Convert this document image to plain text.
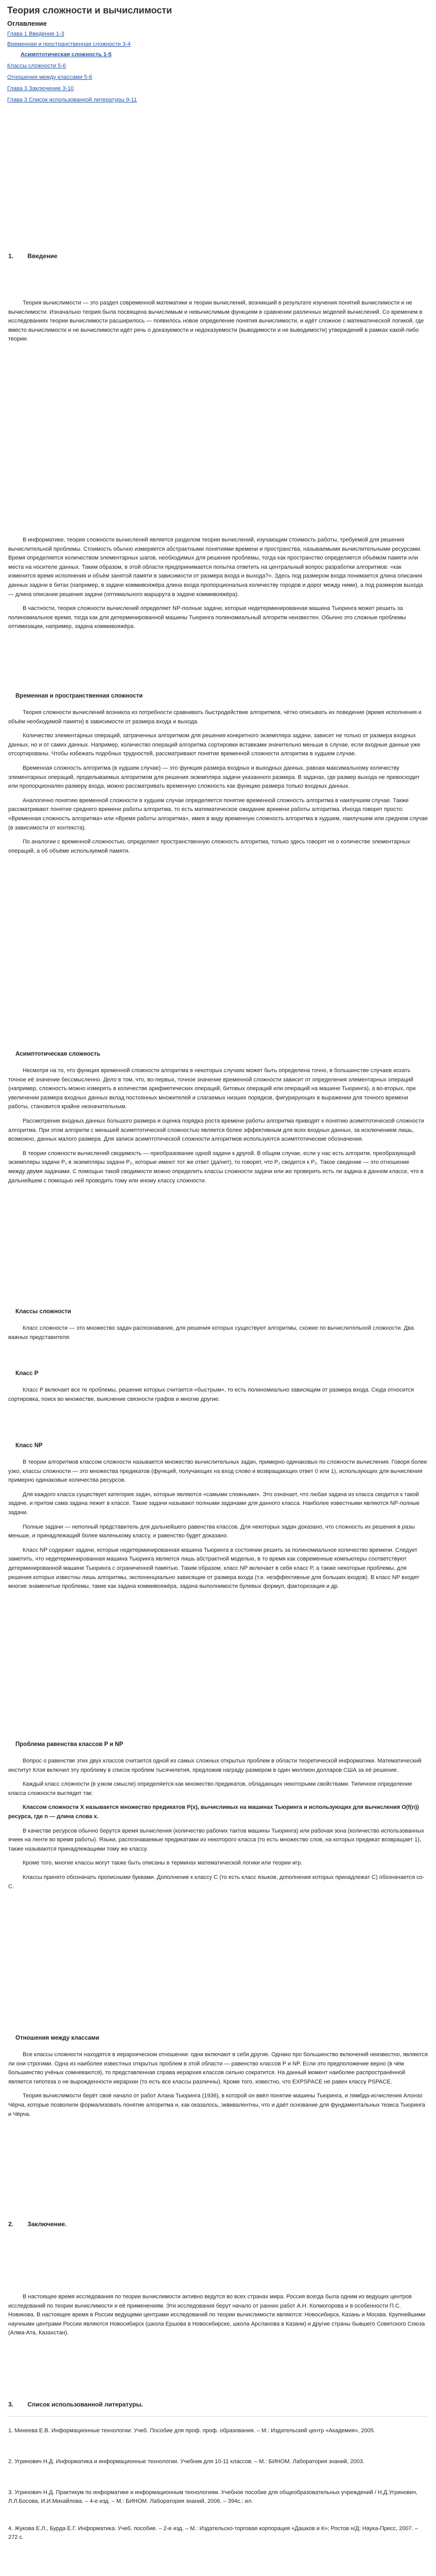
Теория сложности и вычислимости
Оглавление
Глава 1 Введение 1-3
Временная и пространственная сложности 3-4
Асимптотическая сложность 1-5
Классы сложности 5-6
Отношения между классами 5-6
Глава 3 Заключение 3-10
Глава 3 Список использованной литературы 9-11
1. Введение

Теория вычислимости — это раздел современной математики и теории вычислений, возникший в результате изучения понятий вычислимости и не вычислимости. Изначально теория была посвящена вычислимым и невычислимым функциям в сравнении различных моделей вычислений. Со временем в исследованиях теории вычислимости расширилось — появилось новое определение понятия вычислимости, и идёт сложное с математической логикой, где вместо вычислимости и не вычислимости идёт речь о доказуемости и недоказуемости (выводимости и не выводимости) утверждений в рамках какой-либо теории.

В информатике, теория сложности вычислений является разделом теории вычислений, изучающим стоимость работы, требуемой для решения вычислительной проблемы. Стоимость обычно измеряется абстрактными понятиями времени и пространства, называемыми вычислительными ресурсами. Время определяется количеством элементарных шагов, необходимых для решения проблемы, тогда как пространство определяется объёмом памяти или места на носителе данных. Таким образом, в этой области предпринимается попытка ответить на центральный вопрос разработки алгоритмов: «как изменится время исполнения и объём занятой памяти в зависимости от размера входа и выхода?». Здесь под размером входа понимается длина описания данных задачи в битах (например, в задаче коммивояжёра длина входа пропорциональна количеству городов и дорог между ними), а под размером выхода — длина описания решения задачи (оптимального маршрута в задаче коммивояжёра).

В частности, теория сложности вычислений определяет NP-полные задачи, которые недетерминированная машина Тьюринга может решить за полиномиальное время, тогда как для детерминированной машины Тьюринга полиномиальный алгоритм неизвестен. Обычно это сложные проблемы оптимизации, например, задача коммивояжёра.

Временная и пространственная сложности

Теория сложности вычислений возникла из потребности сравнивать быстродействие алгоритмов, чётко описывать их поведение (время исполнения и объём необходимой памяти) в зависимости от размера входа и выхода.

Количество элементарных операций, затраченных алгоритмом для решения конкретного экземпляра задачи, зависит не только от размера входных данных, но и от самих данных. Например, количество операций алгоритма сортировки вставками значительно меньше в случае, если входные данные уже отсортированы. Чтобы избежать подобных трудностей, рассматривают понятие временной сложности алгоритма в худшем случае.

Временная сложность алгоритма (в худшем случае) — это функция размера входных и выходных данных, равная максимальному количеству элементарных операций, проделываемых алгоритмом для решения экземпляра задачи указанного размера. В задачах, где размер выхода не превосходит или пропорционален размеру входа, можно рассматривать временную сложность как функцию размера только входных данных.

Аналогично понятию временной сложности в худшем случае определяется понятие временной сложность алгоритма в наилучшем случае. Также рассматривают понятие среднего времени работы алгоритма, то есть математическое ожидание времени работы алгоритма. Иногда говорят просто: «Временная сложность алгоритма» или «Время работы алгоритма», имея в виду временную сложность алгоритма в худшем, наилучшем или среднем случае (в зависимости от контекста).

По аналогии с временной сложностью, определяют пространственную сложность алгоритма, только здесь говорят не о количестве элементарных операций, а об объёме используемой памяти.

Асимптотическая сложность

Несмотря на то, что функция временной сложности алгоритма в некоторых случаях может быть определена точно, в большинстве случаев искать точное её значение бессмысленно. Дело в том, что, во-первых, точное значение временной сложности зависит от определения элементарных операций (например, сложность можно измерять в количестве арифметических операций, битовых операций или операций на машине Тьюринга), а во-вторых, при увеличении размера входных данных вклад постоянных множителей и слагаемых низших порядков, фигурирующих в выражении для точного времени работы, становится крайне незначительным.

Рассмотрение входных данных большого размера и оценка порядка роста времени работы алгоритма приводят к понятию асимптотической сложности алгоритма. При этом алгоритм с меньшей асимптотической сложностью является более эффективным для всех входных данных, за исключением лишь, возможно, данных малого размера. Для записи асимптотической сложности алгоритмов используются асимптотические обозначения.

В теории сложности вычислений сводимость — преобразование одной задачи к другой. В общем случае, если у нас есть алгоритм, преобразующий экземпляры задачи P₁ в экземпляры задачи P₂, которые имеют тот же ответ (да/нет), то говорят, что P₁ сводится к P₂. Такое сведение — это отношение между двумя задачами. С помощью такой сводимости можно определить классы сложности задачи или же проверить есть ли задача в данном классе, что в дальнейшем с помощью ней проводить тому или иному классу сложности.

Классы сложности

Класс сложности — это множество задач распознавания, для решения которых существуют алгоритмы, схожие по вычислительной сложности. Два важных представителя:

Класс P

Класс P включает все те проблемы, решение которых считается «быстрым», то есть полиномиально зависящим от размера входа. Сюда относится сортировка, поиск во множестве, выяснение связности графов и многие другие.

Класс NP

В теории алгоритмов классом сложности называется множество вычислительных задач, примерно одинаковых по сложности вычисления. Говоря более узко, классы сложности — это множества предикатов (функций, получающих на вход слово и возвращающих ответ 0 или 1), использующих для вычисления примерно одинаковые количества ресурсов.

Для каждого класса существует категория задач, которые являются «самыми сложными». Это означает, что любая задача из класса сводится к такой задаче, и притом сама задача лежит в классе. Такие задачи называют полными задачами для данного класса. Наиболее известными являются NP-полные задачи.

Полные задачи — неполный представитель для дальнейшего равенства классов. Для некоторых задач доказано, что сложность их решения в разы меньше, и принадлежащий более маленькому классу, и равенство будет доказано.

Класс NP содержит задачи, которые недетерминированная машина Тьюринга в состоянии решить за полиномиальное количество времени. Следует заметить, что недетерминированная машина Тьюринга является лишь абстрактной моделью, в то время как современные компьютеры соответствуют детерминированной машине Тьюринга с ограниченной памятью. Таким образом, класс NP включает в себя класс P, а также некоторые проблемы, для решения которых известны лишь алгоритмы, экспоненциально зависящие от размера входа (т.е. неэффективные для больших входов). В класс NP входят многие знаменитые проблемы, такие как задача коммивояжёра, задача выполнимости булевых формул, факторизация и др.

Проблема равенства классов P и NP

Вопрос о равенстве этих двух классов считается одной из самых сложных открытых проблем в области теоретической информатики. Математический институт Клэя включил эту проблему в список проблем тысячелетия, предложив награду размером в один миллион долларов США за её решение.

Каждый класс сложности (в узком смысле) определяется как множество предикатов, обладающих некоторыми свойствами. Типичное определение класса сложности выглядит так:

Классом сложности X называется множество предикатов P(x), вычислимых на машинах Тьюринга и использующих для вычисления O(f(n)) ресурса, где n — длина слова x.

В качестве ресурсов обычно берутся время вычисления (количество рабочих тактов машины Тьюринга) или рабочая зона (количество использованных ячеек на ленте во время работы). Языки, распознаваемые предикатами из некоторого класса (то есть множество слов, на которых предикат возвращает 1), также называются принадлежащими тому же классу.

Кроме того, многие классы могут также быть описаны в терминах математической логики или теории игр.

Классы принято обозначать прописными буквами. Дополнение к классу C (то есть класс языков, дополнения которых принадлежат C) обозначается co-C.

Отношения между классами

Все классы сложности находятся в иерархическом отношении: одни включают в себя другие. Однако про большинство включений неизвестно, являются ли они строгими. Одна из наиболее известных открытых проблем в этой области — равенство классов P и NP. Если это предположение верно (в чём большинство учёных сомневаются), то представленная справа иерархия классов сильно сократится. На данный момент наиболее распространённой является гипотеза о не вырожденности иерархии (то есть все классы различны). Кроме того, известно, что EXPSPACE не равен классу PSPACE.

Теория вычислимости берёт своё начало от работ Алана Тьюринга (1936), в которой он ввёл понятие машины Тьюринга, и лямбда-исчисления Алонзо Чёрча, которые позволили формализовать понятие алгоритма и, как оказалось, эквивалентны, что и даёт основание для фундаментальных тезиса Тьюринга и Чёрча.

2. Заключение.

В настоящее время исследования по теории вычислимости активно ведутся во всех странах мира. Россия всегда была одним из ведущих центров исследований по теории вычислимости и её применениям. Эти исследования берут начало от ранних работ А.Н. Колмогорова и в особенности П.С. Новикова. В настоящее время в России ведущими центрами исследований по теории вычислимости являются: Новосибирск, Казань и Москва. Крупнейшими научными центрами России являются Новосибирск (школа Ершова в Новосибирске, школа Арсланова в Казани) и другие страны бывшего Советского Союза (Алма-Ата, Казахстан).

3. Список использованной литературы.
1. Михеева Е.В. Информационные технологии: Учеб. Пособие для проф. проф. образования. – М.: Издательский центр «Академия», 2005.
2. Угринович Н.Д. Информатика и информационные технологии. Учебник для 10-11 классов. – М.: БИНОМ. Лаборатория знаний, 2003.
3. Угринович Н.Д. Практикум по информатике и информационным технологиям. Учебное пособие для общеобразовательных учреждений / Н.Д.Угринович, Л.Л.Босова, И.И.Михайлова. – 4-е изд. – М.: БИНОМ. Лаборатория знаний, 2006. – 394с.: ил.
4. Жуковa Е.Л., Бурда Е.Г. Информатика: Учеб. пособие. – 2-е изд. – М.: Издательско-торговая корпорация «Дашков и К»; Ростов н/Д: Наука-Пресс, 2007. – 272 с.
